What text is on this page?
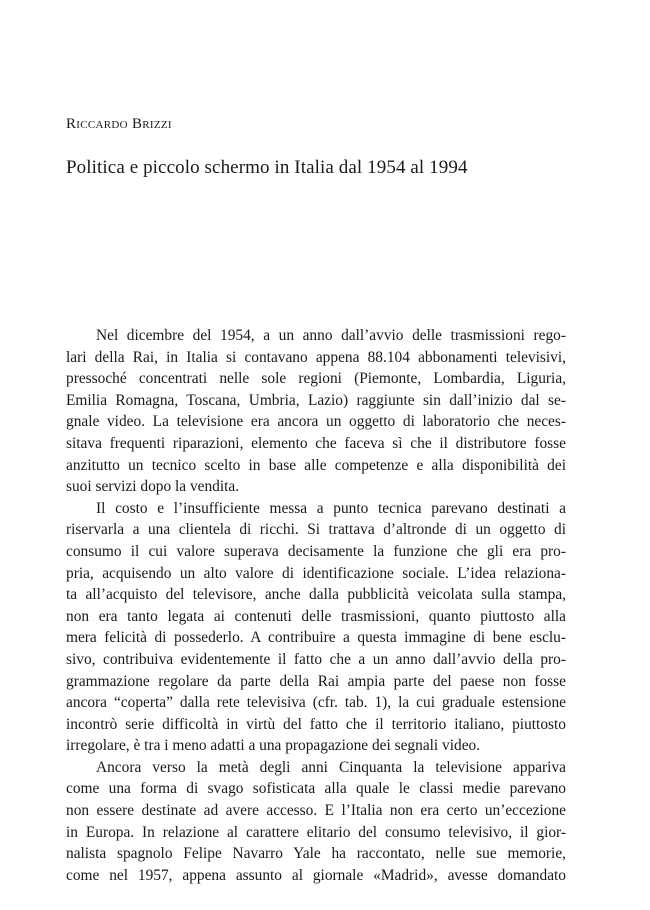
Riccardo Brizzi
Politica e piccolo schermo in Italia dal 1954 al 1994
Nel dicembre del 1954, a un anno dall’avvio delle trasmissioni rego-
lari della Rai, in Italia si contavano appena 88.104 abbonamenti televisivi,
pressoché concentrati nelle sole regioni (Piemonte, Lombardia, Liguria,
Emilia Romagna, Toscana, Umbria, Lazio) raggiunte sin dall’inizio dal se-
gnale video. La televisione era ancora un oggetto di laboratorio che neces-
sitava frequenti riparazioni, elemento che faceva sì che il distributore fosse
anzitutto un tecnico scelto in base alle competenze e alla disponibilità dei
suoi servizi dopo la vendita.
Il costo e l’insufficiente messa a punto tecnica parevano destinati a
riservarla a una clientela di ricchi. Si trattava d’altronde di un oggetto di
consumo il cui valore superava decisamente la funzione che gli era pro-
pria, acquisendo un alto valore di identificazione sociale. L’idea relaziona-
ta all’acquisto del televisore, anche dalla pubblicità veicolata sulla stampa,
non era tanto legata ai contenuti delle trasmissioni, quanto piuttosto alla
mera felicità di possederlo. A contribuire a questa immagine di bene esclu-
sivo, contribuiva evidentemente il fatto che a un anno dall’avvio della pro-
grammazione regolare da parte della Rai ampia parte del paese non fosse
ancora “coperta” dalla rete televisiva (cfr. tab. 1), la cui graduale estensione
incontrò serie difficoltà in virtù del fatto che il territorio italiano, piuttosto
irregolare, è tra i meno adatti a una propagazione dei segnali video.
Ancora verso la metà degli anni Cinquanta la televisione appariva
come una forma di svago sofisticata alla quale le classi medie parevano
non essere destinate ad avere accesso. E l’Italia non era certo un’eccezione
in Europa. In relazione al carattere elitario del consumo televisivo, il gior-
nalista spagnolo Felipe Navarro Yale ha raccontato, nelle sue memorie,
come nel 1957, appena assunto al giornale «Madrid», avesse domandato
